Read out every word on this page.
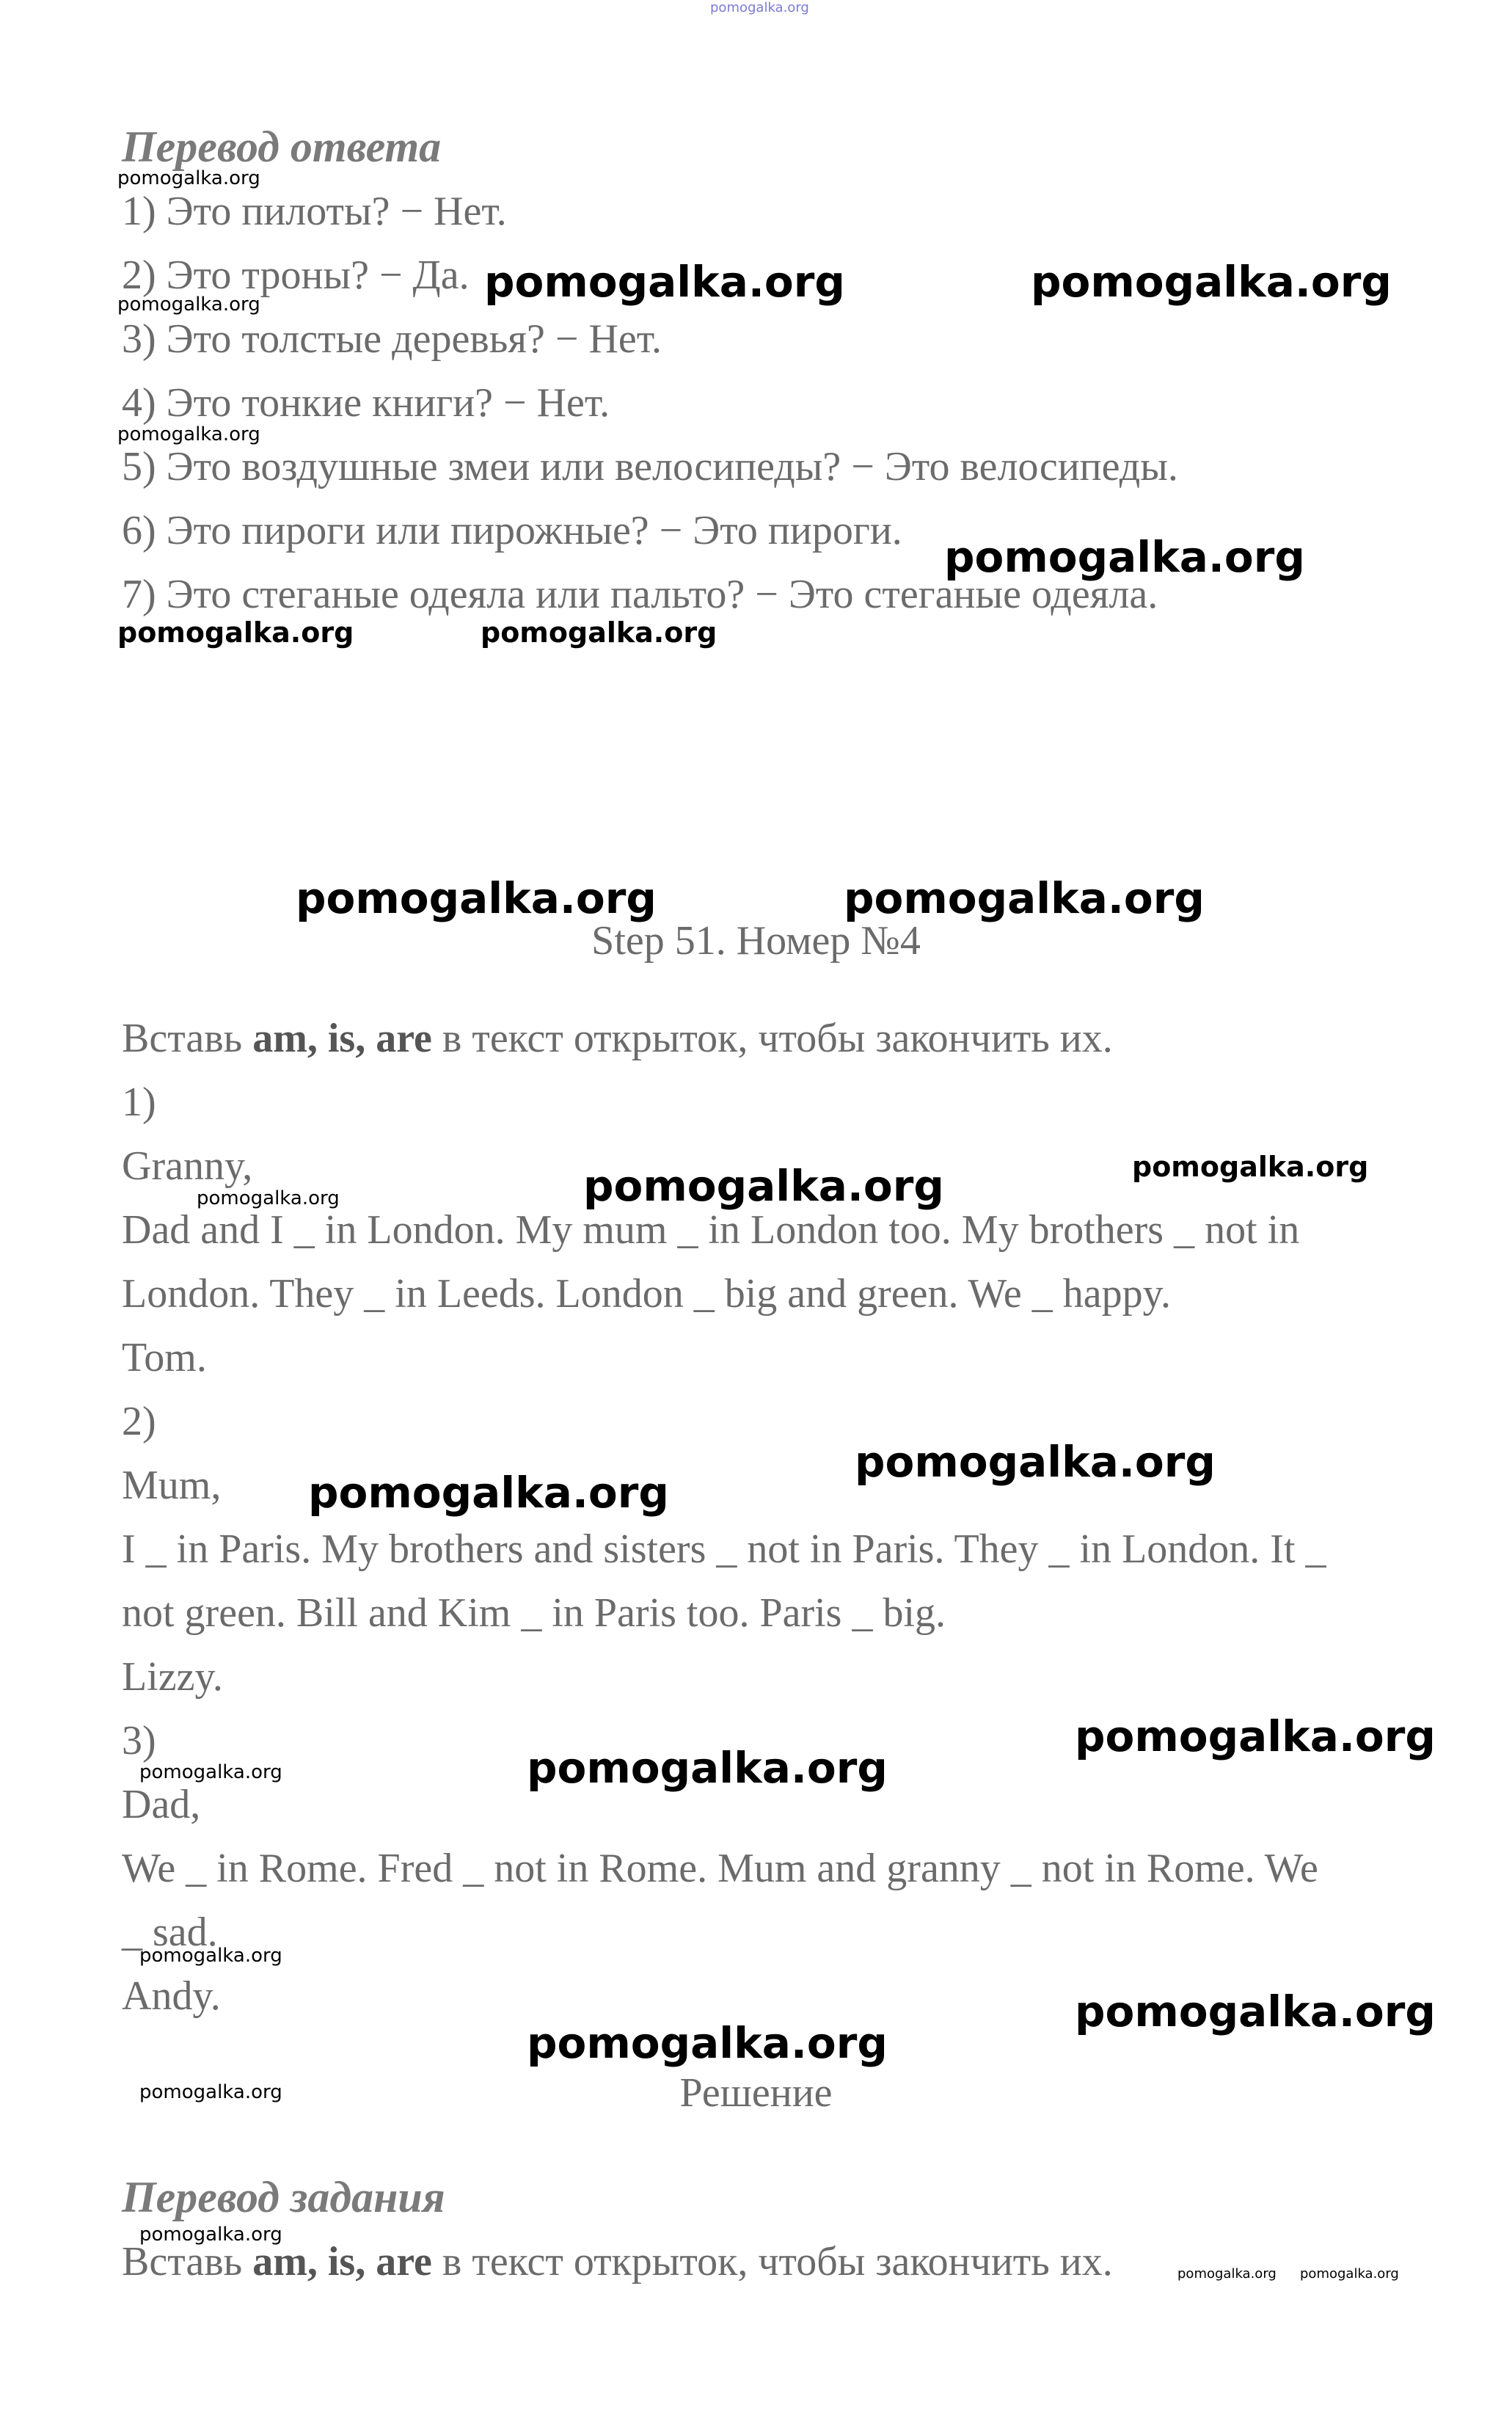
pomogalka.org
Перевод ответа
1) Это пилоты? − Нет.
2) Это троны? − Да.
3) Это толстые деревья? − Нет.
4) Это тонкие книги? − Нет.
5) Это воздушные змеи или велосипеды? − Это велосипеды.
6) Это пироги или пирожные? − Это пироги.
7) Это стеганые одеяла или пальто? − Это стеганые одеяла.
Step 51. Номер №4
Вставь am, is, are в текст открыток, чтобы закончить их.
1)
Granny,
Dad and I _ in London. My mum _ in London too. My brothers _ not in
London. They _ in Leeds. London _ big and green. We _ happy.
Tom.
2)
Mum,
I _ in Paris. My brothers and sisters _ not in Paris. They _ in London. It _
not green. Bill and Kim _ in Paris too. Paris _ big.
Lizzy.
3)
Dad,
We _ in Rome. Fred _ not in Rome. Mum and granny _ not in Rome. We
_ sad.
Andy.
Решение
Перевод задания
Вставь am, is, are в текст открыток, чтобы закончить их.
pomogalka.org
pomogalka.org	pomogalka.org
pomogalka.org
pomogalka.org
pomogalka.org
pomogalka.org	pomogalka.org
pomogalka.org	pomogalka.org
pomogalka.org
pomogalka.org
pomogalka.org
pomogalka.org
pomogalka.org
pomogalka.org
pomogalka.org	pomogalka.org
pomogalka.org
pomogalka.org
pomogalka.org
pomogalka.org
pomogalka.org
pomogalka.org pomogalka.org
